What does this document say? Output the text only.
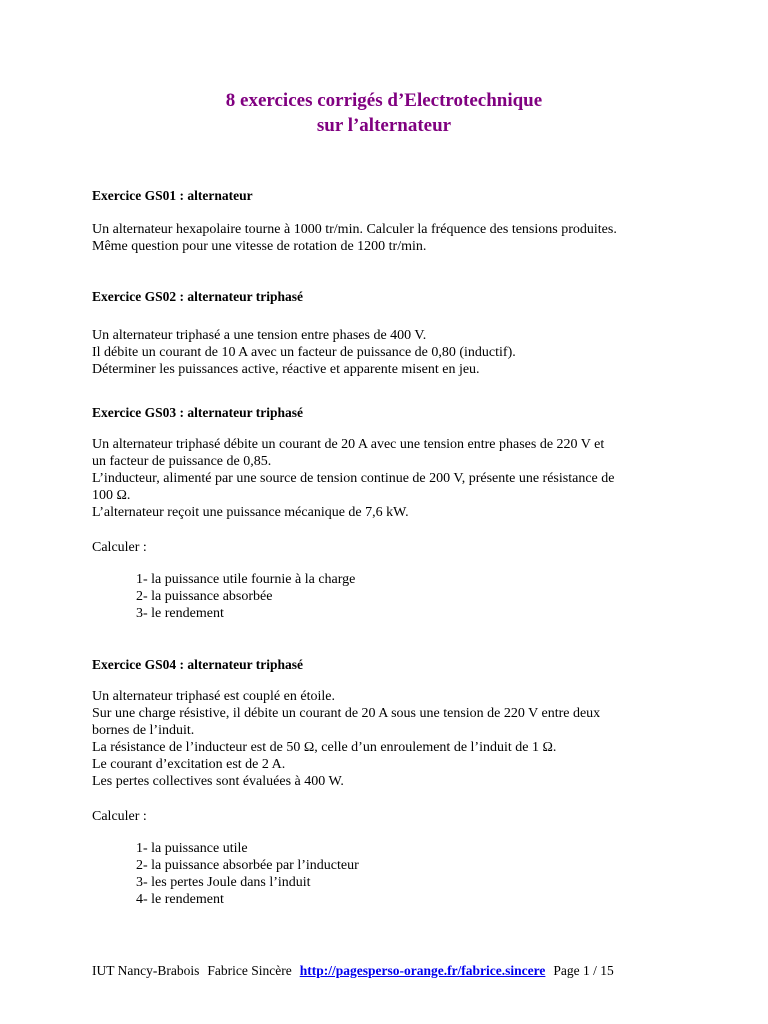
8 exercices corrigés d’Electrotechnique
sur l’alternateur
Exercice GS01 : alternateur
Un alternateur hexapolaire tourne à 1000 tr/min. Calculer la fréquence des tensions produites.
Même question pour une vitesse de rotation de 1200 tr/min.
Exercice GS02 : alternateur triphasé
Un alternateur triphasé a une tension entre phases de 400 V.
Il débite un courant de 10 A avec un facteur de puissance de 0,80 (inductif).
Déterminer les puissances active, réactive et apparente misent en jeu.
Exercice GS03 : alternateur triphasé
Un alternateur triphasé débite un courant de 20 A avec une tension entre phases de 220 V et
un facteur de puissance de 0,85.
L’inducteur, alimenté par une source de tension continue de 200 V, présente une résistance de
100 Ω.
L’alternateur reçoit une puissance mécanique de 7,6 kW.
Calculer :
1- la puissance utile fournie à la charge
2- la puissance absorbée
3- le rendement
Exercice GS04 : alternateur triphasé
Un alternateur triphasé est couplé en étoile.
Sur une charge résistive, il débite un courant de 20 A sous une tension de 220 V entre deux
bornes de l’induit.
La résistance de l’inducteur est de 50 Ω, celle d’un enroulement de l’induit de 1 Ω.
Le courant d’excitation est de 2 A.
Les pertes collectives sont évaluées à 400 W.
Calculer :
1- la puissance utile
2- la puissance absorbée par l’inducteur
3- les pertes Joule dans l’induit
4- le rendement
IUT Nancy-Brabois Fabrice Sincère http://pagesperso-orange.fr/fabrice.sincere Page 1 / 15
